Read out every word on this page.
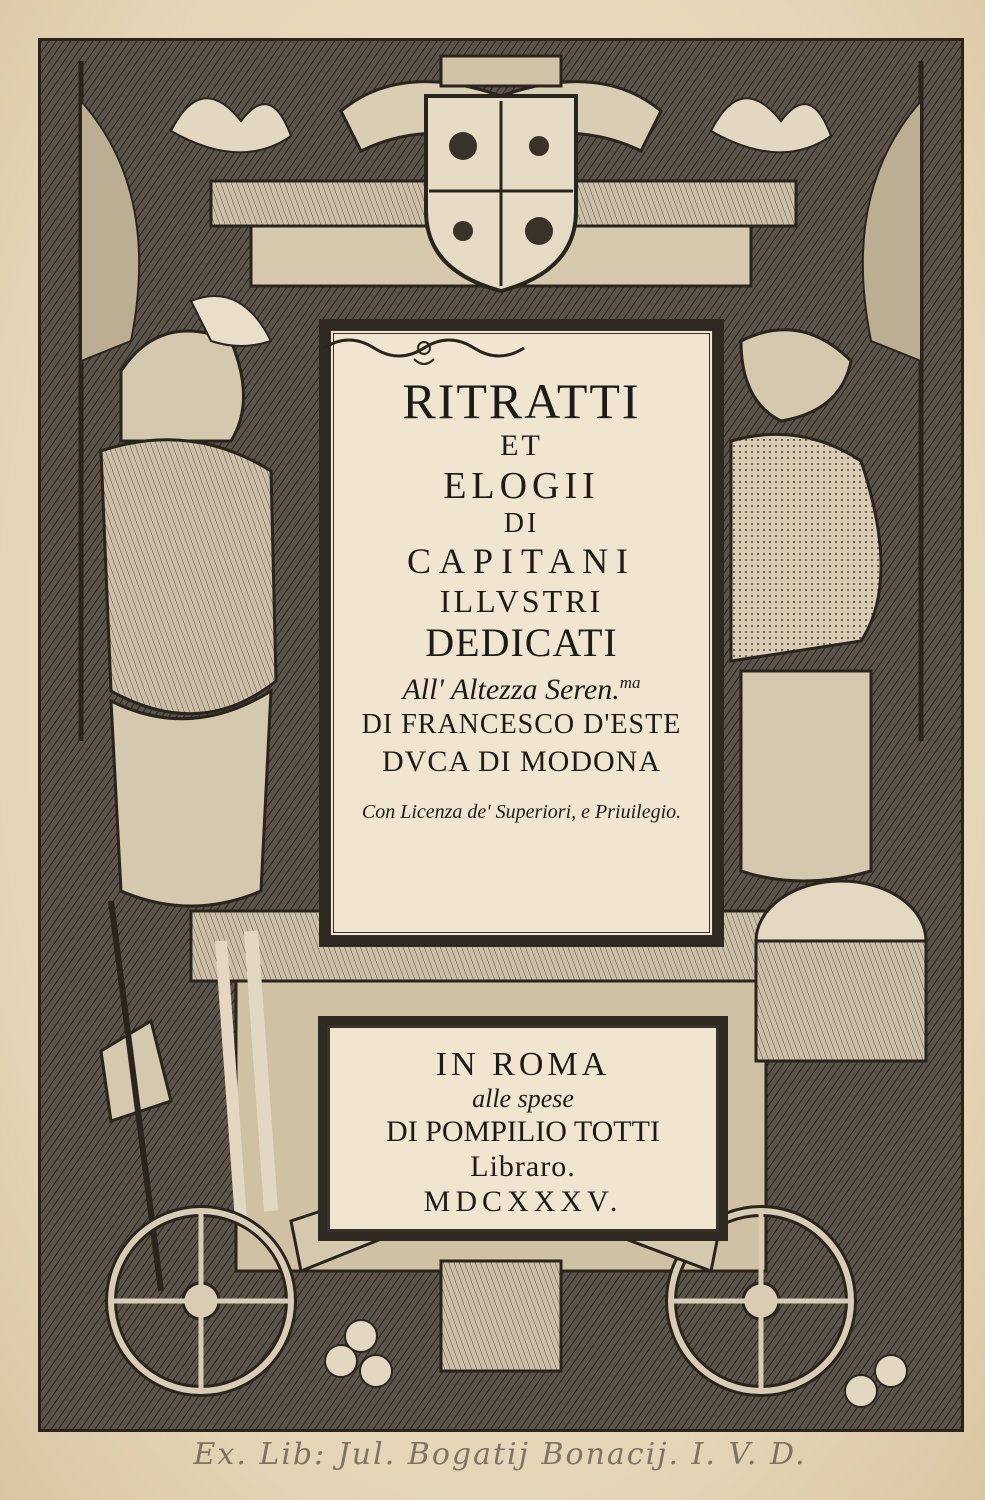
RITRATTI
ET
ELOGII
DI
CAPITANI
ILLVSTRI
DEDICATI
All' Altezza Seren.$^{ma}$
DI FRANCESCO D'ESTE
DVCA DI MODONA
Con Licenza de' Superiori, e Priuilegio.
IN ROMA
alle spese
DI POMPILIO TOTTI
Libraro.
MDCXXXV.
Ex. Lib: Jul. Bogatij Bonacij. I. V. D.
